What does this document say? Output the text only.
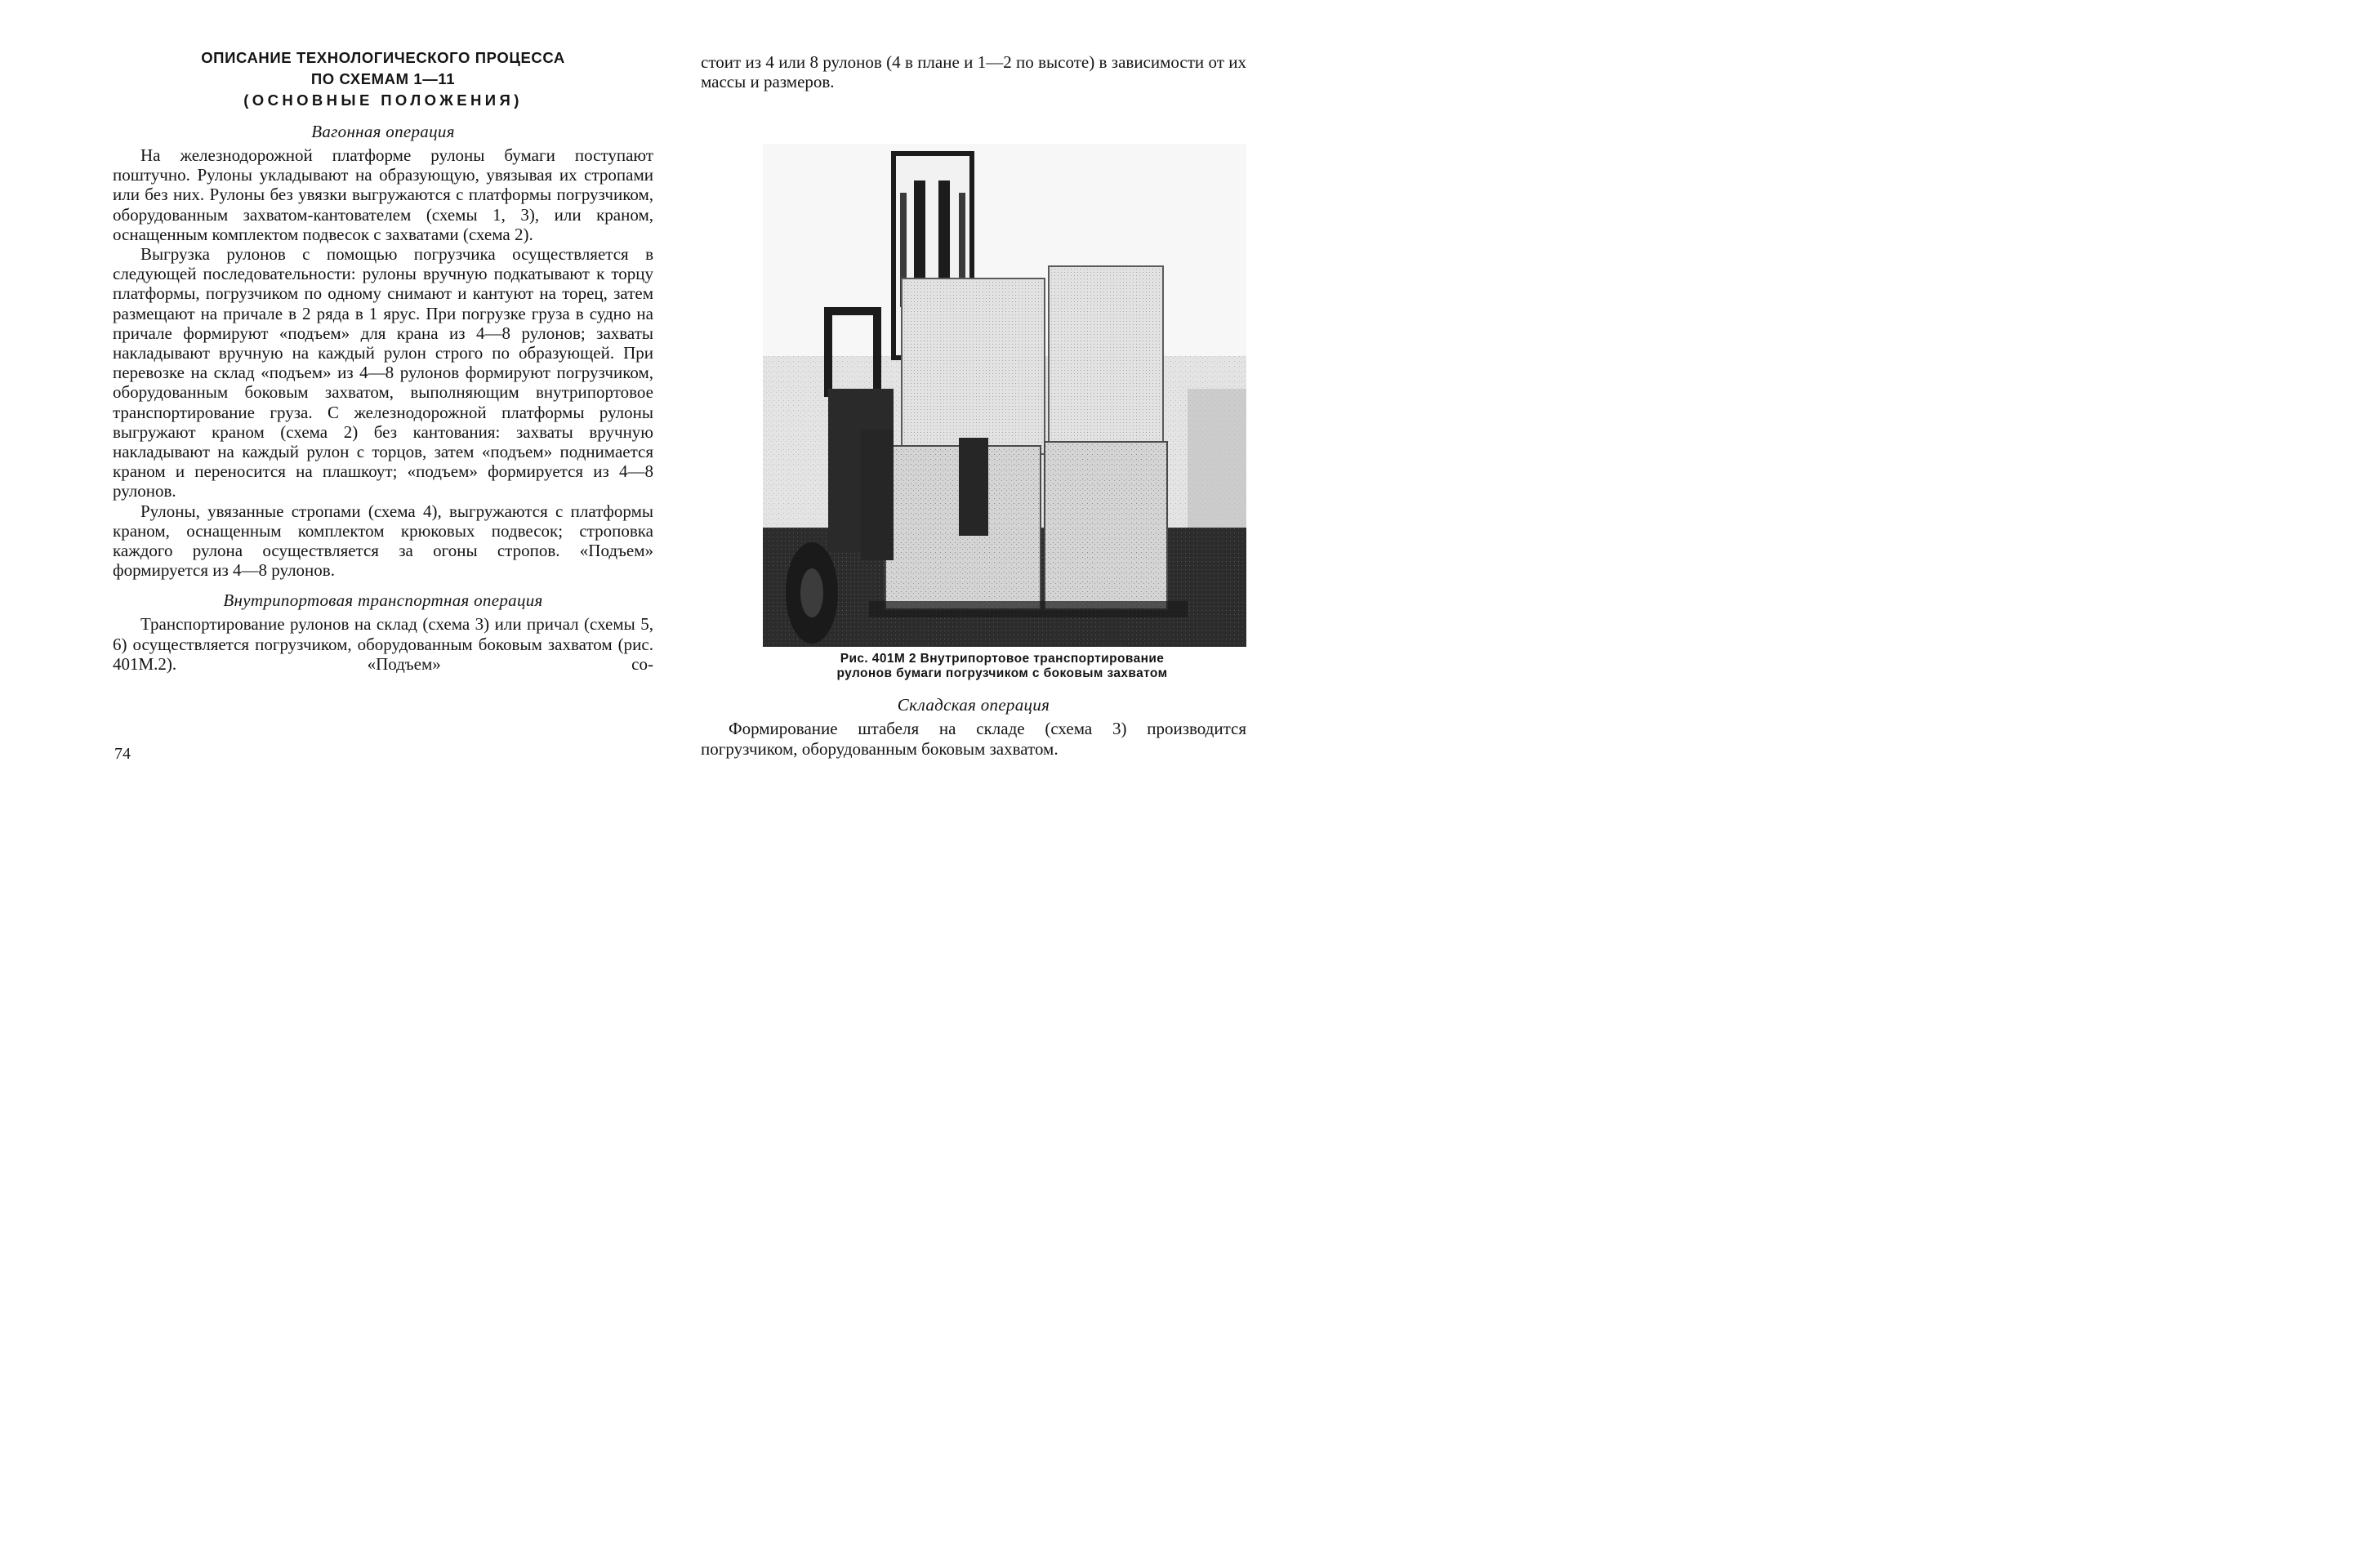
ОПИСАНИЕ ТЕХНОЛОГИЧЕСКОГО ПРОЦЕССА
ПО СХЕМАМ 1—11
(ОСНОВНЫЕ ПОЛОЖЕНИЯ)
Вагонная операция

На железнодорожной платформе рулоны бумаги поступают поштучно. Рулоны укладывают на образующую, увязывая их стропами или без них. Рулоны без увязки выгружаются с платформы погрузчиком, оборудованным захватом-кантователем (схемы 1, 3), или краном, оснащенным комплектом подвесок с захватами (схема 2).

Выгрузка рулонов с помощью погрузчика осуществляется в следующей последовательности: рулоны вручную подкатывают к торцу платформы, погрузчиком по одному снимают и кантуют на торец, затем размещают на причале в 2 ряда в 1 ярус. При погрузке груза в судно на причале формируют «подъем» для крана из 4—8 рулонов; захваты накладывают вручную на каждый рулон строго по образующей. При перевозке на склад «подъем» из 4—8 рулонов формируют погрузчиком, оборудованным боковым захватом, выполняющим внутрипортовое транспортирование груза. С железнодорожной платформы рулоны выгружают краном (схема 2) без кантования: захваты вручную накладывают на каждый рулон с торцов, затем «подъем» поднимается краном и переносится на плашкоут; «подъем» формируется из 4—8 рулонов.

Рулоны, увязанные стропами (схема 4), выгружаются с платформы краном, оснащенным комплектом крюковых подвесок; строповка каждого рулона осуществляется за огоны стропов. «Подъем» формируется из 4—8 рулонов.

Внутрипортовая транспортная операция

Транспортирование рулонов на склад (схема 3) или причал (схемы 5, 6) осуществляется погрузчиком, оборудованным боковым захватом (рис. 401М.2). «Подъем» со-

74

стоит из 4 или 8 рулонов (4 в плане и 1—2 по высоте) в зависимости от их массы и размеров.

Рис. 401М 2 Внутрипортовое транспортирование
рулонов бумаги погрузчиком с боковым захватом
Складская операция

Формирование штабеля на складе (схема 3) производится погрузчиком, оборудованным боковым захватом.
